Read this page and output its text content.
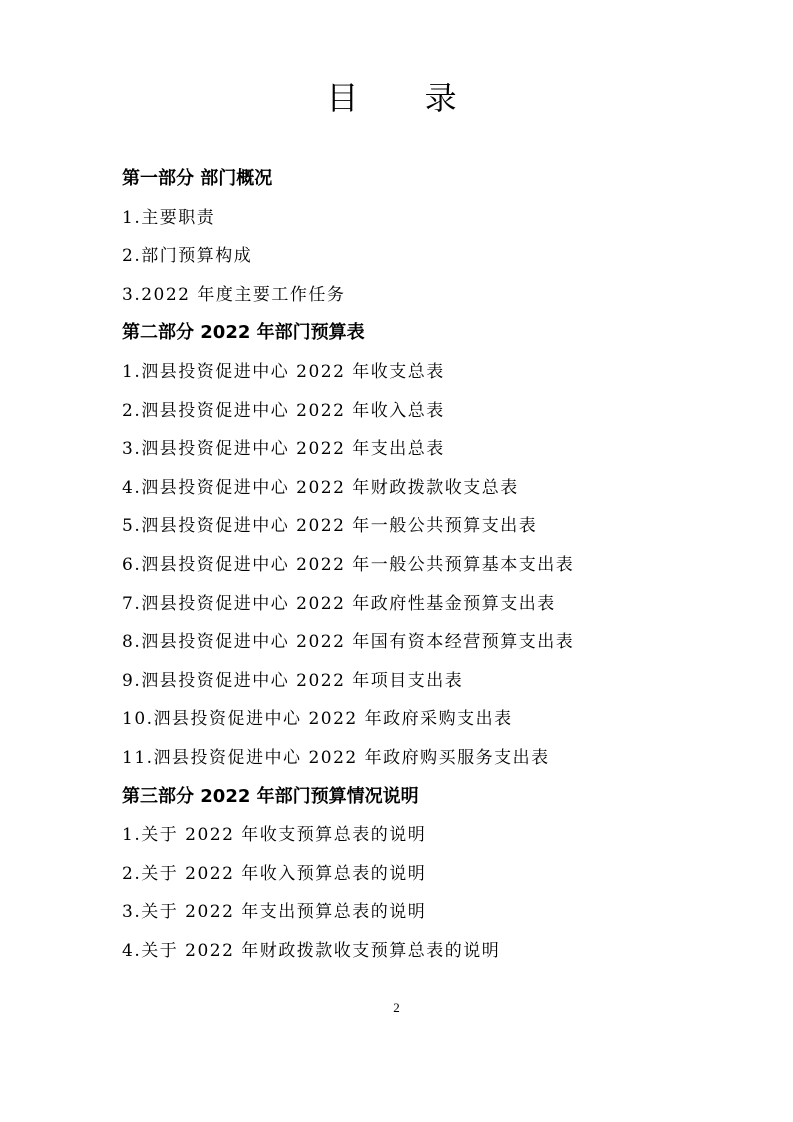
目 录
第一部分 部门概况
1.主要职责
2.部门预算构成
3.2022 年度主要工作任务
第二部分 2022 年部门预算表
1.泗县投资促进中心 2022 年收支总表
2.泗县投资促进中心 2022 年收入总表
3.泗县投资促进中心 2022 年支出总表
4.泗县投资促进中心 2022 年财政拨款收支总表
5.泗县投资促进中心 2022 年一般公共预算支出表
6.泗县投资促进中心 2022 年一般公共预算基本支出表
7.泗县投资促进中心 2022 年政府性基金预算支出表
8.泗县投资促进中心 2022 年国有资本经营预算支出表
9.泗县投资促进中心 2022 年项目支出表
10.泗县投资促进中心 2022 年政府采购支出表
11.泗县投资促进中心 2022 年政府购买服务支出表
第三部分 2022 年部门预算情况说明
1.关于 2022 年收支预算总表的说明
2.关于 2022 年收入预算总表的说明
3.关于 2022 年支出预算总表的说明
4.关于 2022 年财政拨款收支预算总表的说明
2
